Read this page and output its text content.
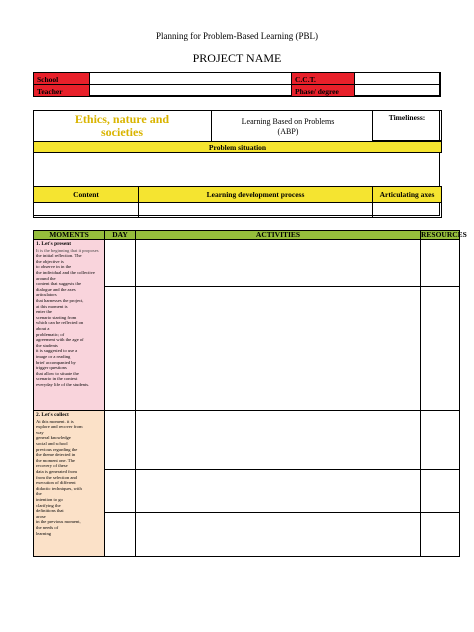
Planning for Problem-Based Learning (PBL)
PROJECT NAME
School	C.C.T.
Teacher	Phase/ degree
Ethics, nature and societies
Learning Based on Problems (ABP)
Timeliness:
Problem situation
Content	Learning development process	Articulating axes
MOMENTS	DAY	ACTIVITIES	RESOURCES
1. Let's present
It is the beginning that it proposes
the initial reflection. The
the objective is
to observe in in the
the individual and the collective
around the
content that suggests the
dialogue and the axes
articulators
that harnesses the project,
at this moment is
enter the
scenario starting from
which can be reflected on
about a
problematic; of
agreement with the age of
the students
it is suggested to use a
image or a reading
brief accompanied by
trigger questions
that allow to situate the
scenario in the context
everyday life of the students.
2. Let's collect
At this moment. it is
explore and recover from
way
general knowledge
social and school
previous regarding the
the theme detected in
the moment one. The
recovery of these
data is generated from
from the selection and
execution of different
didactic techniques, with
the
intention to go
clarifying the
definitions that
arose
in the previous moment,
the needs of
learning
